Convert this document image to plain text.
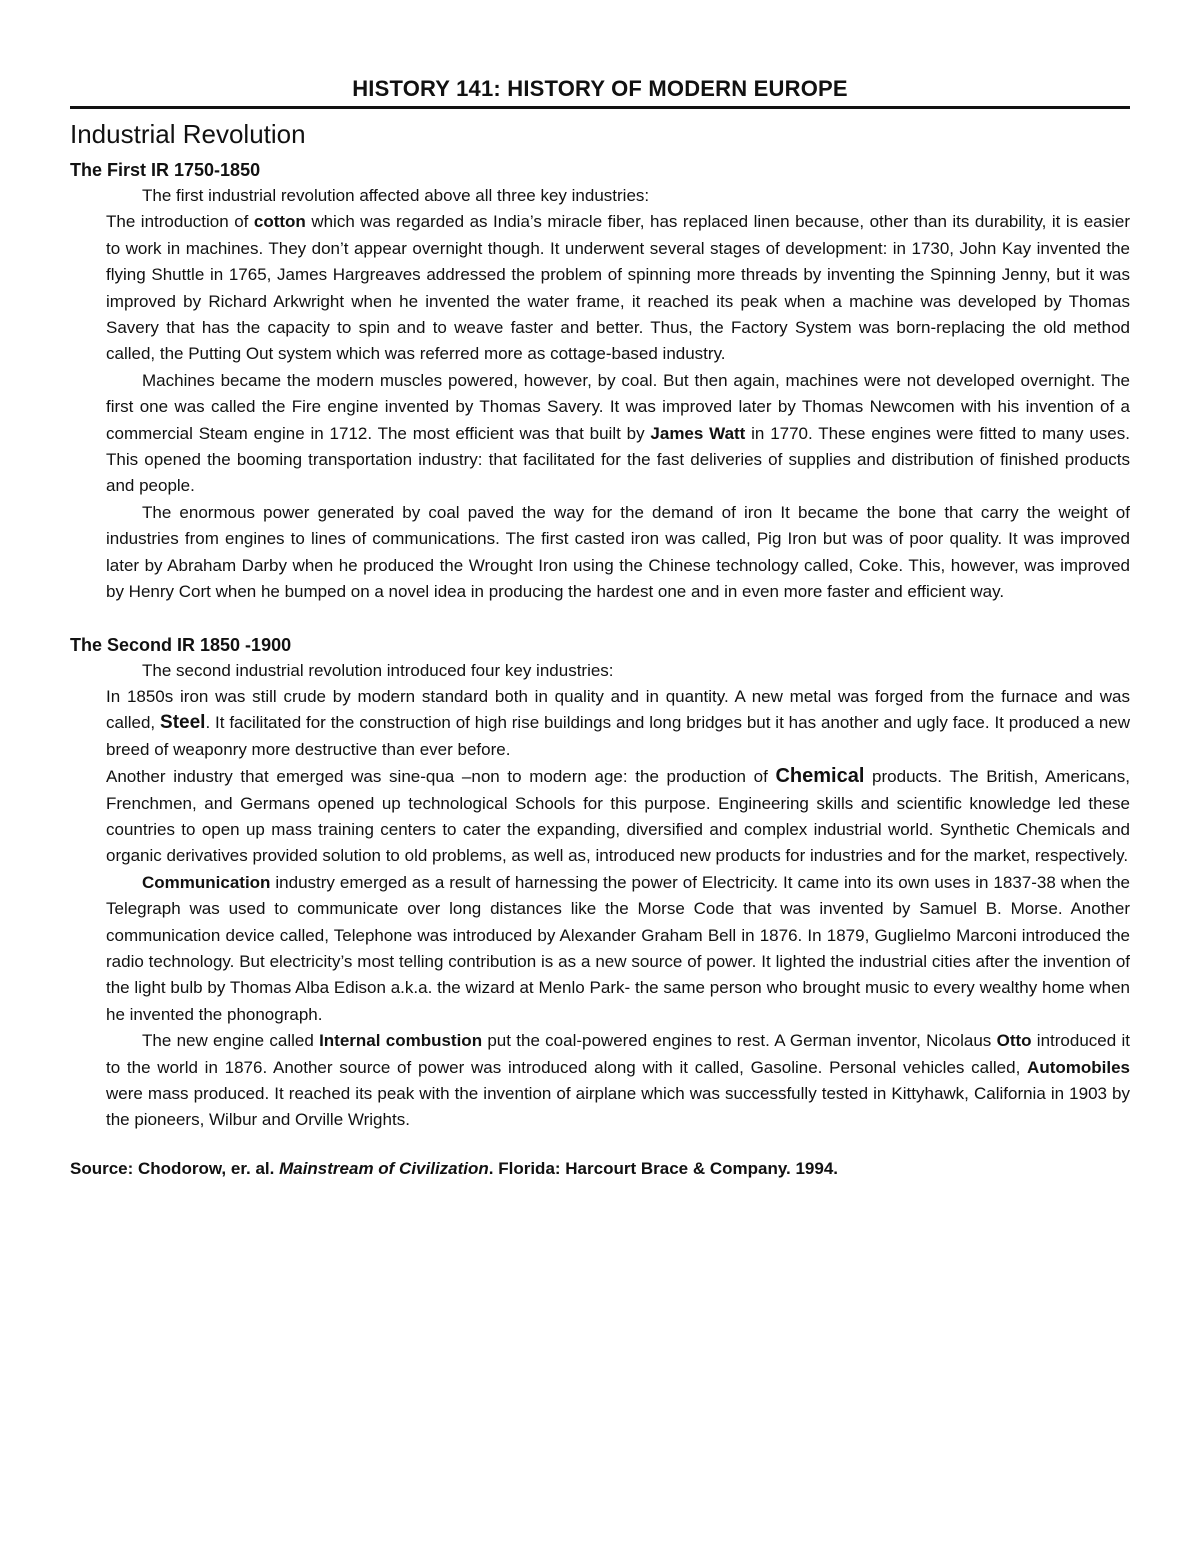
HISTORY 141: HISTORY OF MODERN EUROPE
Industrial Revolution
The First IR 1750-1850

The first industrial revolution affected above all three key industries:

The introduction of cotton which was regarded as India’s miracle fiber, has replaced linen because, other than its durability, it is easier to work in machines. They don’t appear overnight though. It underwent several stages of development: in 1730, John Kay invented the flying Shuttle in 1765, James Hargreaves addressed the problem of spinning more threads by inventing the Spinning Jenny, but it was improved by Richard Arkwright when he invented the water frame, it reached its peak when a machine was developed by Thomas Savery that has the capacity to spin and to weave faster and better. Thus, the Factory System was born-replacing the old method called, the Putting Out system which was referred more as cottage-based industry.

Machines became the modern muscles powered, however, by coal. But then again, machines were not developed overnight. The first one was called the Fire engine invented by Thomas Savery. It was improved later by Thomas Newcomen with his invention of a commercial Steam engine in 1712. The most efficient was that built by James Watt in 1770. These engines were fitted to many uses. This opened the booming transportation industry: that facilitated for the fast deliveries of supplies and distribution of finished products and people.

The enormous power generated by coal paved the way for the demand of iron It became the bone that carry the weight of industries from engines to lines of communications. The first casted iron was called, Pig Iron but was of poor quality. It was improved later by Abraham Darby when he produced the Wrought Iron using the Chinese technology called, Coke. This, however, was improved by Henry Cort when he bumped on a novel idea in producing the hardest one and in even more faster and efficient way.

The Second IR 1850 -1900

The second industrial revolution introduced four key industries:

In 1850s iron was still crude by modern standard both in quality and in quantity. A new metal was forged from the furnace and was called, Steel. It facilitated for the construction of high rise buildings and long bridges but it has another and ugly face. It produced a new breed of weaponry more destructive than ever before.

Another industry that emerged was sine-qua –non to modern age: the production of Chemical products. The British, Americans, Frenchmen, and Germans opened up technological Schools for this purpose. Engineering skills and scientific knowledge led these countries to open up mass training centers to cater the expanding, diversified and complex industrial world. Synthetic Chemicals and organic derivatives provided solution to old problems, as well as, introduced new products for industries and for the market, respectively.

Communication industry emerged as a result of harnessing the power of Electricity. It came into its own uses in 1837-38 when the Telegraph was used to communicate over long distances like the Morse Code that was invented by Samuel B. Morse. Another communication device called, Telephone was introduced by Alexander Graham Bell in 1876. In 1879, Guglielmo Marconi introduced the radio technology. But electricity’s most telling contribution is as a new source of power. It lighted the industrial cities after the invention of the light bulb by Thomas Alba Edison a.k.a. the wizard at Menlo Park- the same person who brought music to every wealthy home when he invented the phonograph.

The new engine called Internal combustion put the coal-powered engines to rest. A German inventor, Nicolaus Otto introduced it to the world in 1876. Another source of power was introduced along with it called, Gasoline. Personal vehicles called, Automobiles were mass produced. It reached its peak with the invention of airplane which was successfully tested in Kittyhawk, California in 1903 by the pioneers, Wilbur and Orville Wrights.

Source: Chodorow, er. al. Mainstream of Civilization. Florida: Harcourt Brace & Company. 1994.
